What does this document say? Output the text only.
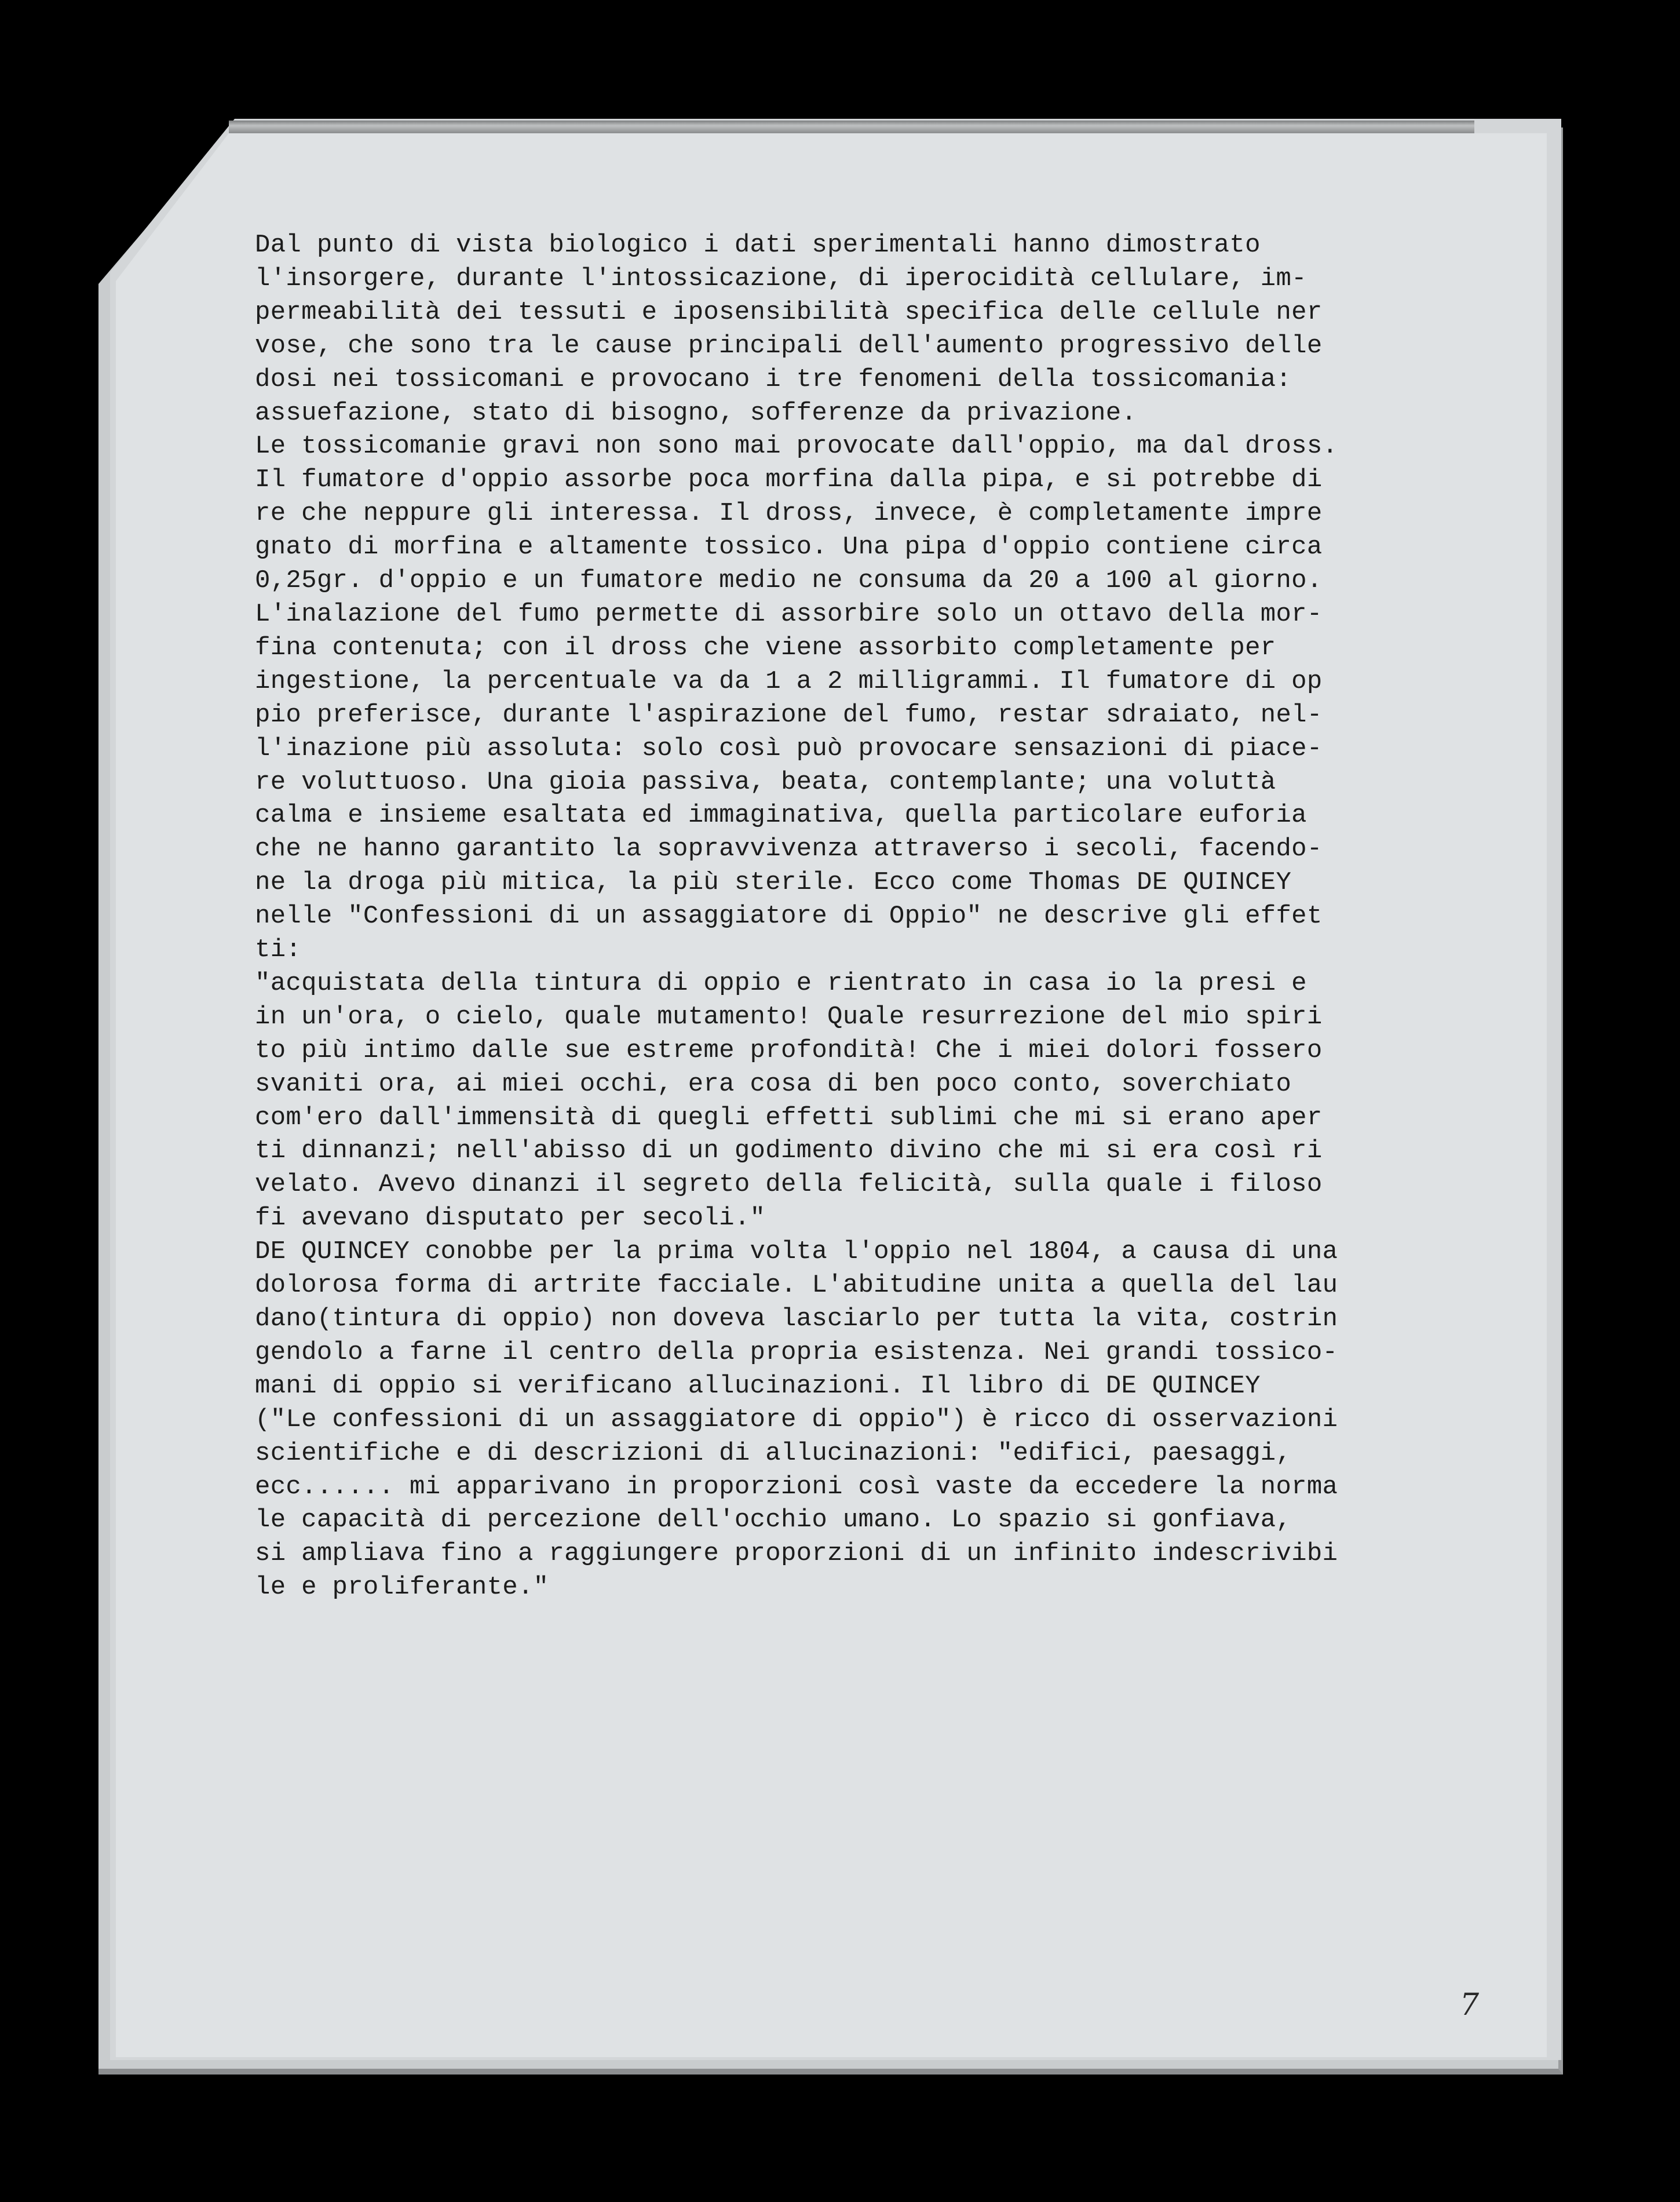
Dal punto di vista biologico i dati sperimentali hanno dimostrato
l'insorgere, durante l'intossicazione, di iperocidità cellulare, im-
permeabilità dei tessuti e iposensibilità specifica delle cellule ner
vose, che sono tra le cause principali dell'aumento progressivo delle
dosi nei tossicomani e provocano i tre fenomeni della tossicomania:
assuefazione, stato di bisogno, sofferenze da privazione.
Le tossicomanie gravi non sono mai provocate dall'oppio, ma dal dross.
Il fumatore d'oppio assorbe poca morfina dalla pipa, e si potrebbe di
re che neppure gli interessa. Il dross, invece, è completamente impre
gnato di morfina e altamente tossico. Una pipa d'oppio contiene circa
0,25gr. d'oppio e un fumatore medio ne consuma da 20 a 100 al giorno.
L'inalazione del fumo permette di assorbire solo un ottavo della mor-
fina contenuta; con il dross che viene assorbito completamente per
ingestione, la percentuale va da 1 a 2 milligrammi. Il fumatore di op
pio preferisce, durante l'aspirazione del fumo, restar sdraiato, nel-
l'inazione più assoluta: solo così può provocare sensazioni di piace-
re voluttuoso. Una gioia passiva, beata, contemplante; una voluttà
calma e insieme esaltata ed immaginativa, quella particolare euforia
che ne hanno garantito la sopravvivenza attraverso i secoli, facendo-
ne la droga più mitica, la più sterile. Ecco come Thomas DE QUINCEY
nelle "Confessioni di un assaggiatore di Oppio" ne descrive gli effet
ti:
"acquistata della tintura di oppio e rientrato in casa io la presi e
in un'ora, o cielo, quale mutamento! Quale resurrezione del mio spiri
to più intimo dalle sue estreme profondità! Che i miei dolori fossero
svaniti ora, ai miei occhi, era cosa di ben poco conto, soverchiato
com'ero dall'immensità di quegli effetti sublimi che mi si erano aper
ti dinnanzi; nell'abisso di un godimento divino che mi si era così ri
velato. Avevo dinanzi il segreto della felicità, sulla quale i filoso
fi avevano disputato per secoli."
DE QUINCEY conobbe per la prima volta l'oppio nel 1804, a causa di una
dolorosa forma di artrite facciale. L'abitudine unita a quella del lau
dano(tintura di oppio) non doveva lasciarlo per tutta la vita, costrin
gendolo a farne il centro della propria esistenza. Nei grandi tossico-
mani di oppio si verificano allucinazioni. Il libro di DE QUINCEY
("Le confessioni di un assaggiatore di oppio") è ricco di osservazioni
scientifiche e di descrizioni di allucinazioni: "edifici, paesaggi,
ecc...... mi apparivano in proporzioni così vaste da eccedere la norma
le capacità di percezione dell'occhio umano. Lo spazio si gonfiava,
si ampliava fino a raggiungere proporzioni di un infinito indescrivibi
le e proliferante."

7
